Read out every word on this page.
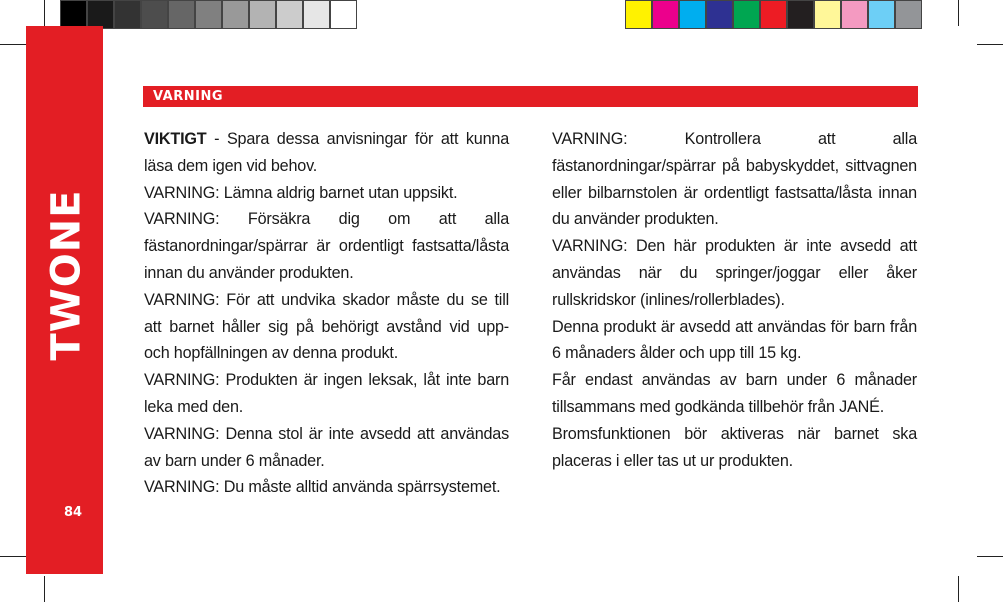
TWONE
84
VARNING

VIKTIGT - Spara dessa anvisningar för att kunna läsa dem igen vid behov.

VARNING: Lämna aldrig barnet utan uppsikt.

VARNING: Försäkra dig om att alla fästanordningar/spärrar är ordentligt fastsatta/låsta innan du använder produkten.

VARNING: För att undvika skador måste du se till att barnet håller sig på behörigt avstånd vid upp- och hopfällningen av denna produkt.

VARNING: Produkten är ingen leksak, låt inte barn leka med den.

VARNING: Denna stol är inte avsedd att användas av barn under 6 månader.

VARNING: Du måste alltid använda spärrsystemet.

VARNING: Kontrollera att alla fästanordningar/spärrar på babyskyddet, sittvagnen eller bilbarnstolen är ordentligt fastsatta/låsta innan du använder produkten.

VARNING: Den här produkten är inte avsedd att användas när du springer/joggar eller åker rullskridskor (inlines/rollerblades).

Denna produkt är avsedd att användas för barn från 6 månaders ålder och upp till 15 kg.

Får endast användas av barn under 6 månader tillsammans med godkända tillbehör från JANÉ.

Bromsfunktionen bör aktiveras när barnet ska placeras i eller tas ut ur produkten.
